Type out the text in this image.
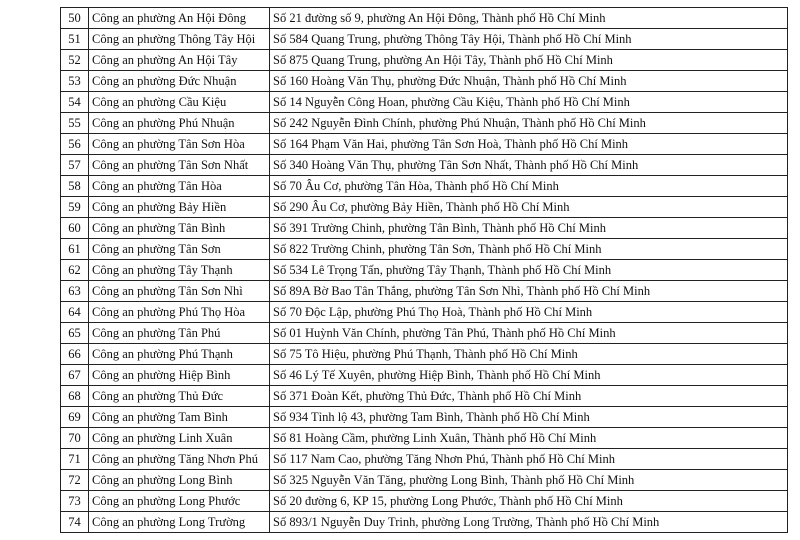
50	Công an phường An Hội Đông	Số 21 đường số 9, phường An Hội Đông, Thành phố Hồ Chí Minh
51	Công an phường Thông Tây Hội	Số 584 Quang Trung, phường Thông Tây Hội, Thành phố Hồ Chí Minh
52	Công an phường An Hội Tây	Số 875 Quang Trung, phường An Hội Tây, Thành phố Hồ Chí Minh
53	Công an phường Đức Nhuận	Số 160 Hoàng Văn Thụ, phường Đức Nhuận, Thành phố Hồ Chí Minh
54	Công an phường Cầu Kiệu	Số 14 Nguyễn Công Hoan, phường Cầu Kiệu, Thành phố Hồ Chí Minh
55	Công an phường Phú Nhuận	Số 242 Nguyễn Đình Chính, phường Phú Nhuận, Thành phố Hồ Chí Minh
56	Công an phường Tân Sơn Hòa	Số 164 Phạm Văn Hai, phường Tân Sơn Hoà, Thành phố Hồ Chí Minh
57	Công an phường Tân Sơn Nhất	Số 340 Hoàng Văn Thụ, phường Tân Sơn Nhất, Thành phố Hồ Chí Minh
58	Công an phường Tân Hòa	Số 70 Âu Cơ, phường Tân Hòa, Thành phố Hồ Chí Minh
59	Công an phường Bảy Hiền	Số 290 Âu Cơ, phường Bảy Hiền, Thành phố Hồ Chí Minh
60	Công an phường Tân Bình	Số 391 Trường Chinh, phường Tân Bình, Thành phố Hồ Chí Minh
61	Công an phường Tân Sơn	Số 822 Trường Chinh, phường Tân Sơn, Thành phố Hồ Chí Minh
62	Công an phường Tây Thạnh	Số 534 Lê Trọng Tấn, phường Tây Thạnh, Thành phố Hồ Chí Minh
63	Công an phường Tân Sơn Nhì	Số 89A Bờ Bao Tân Thắng, phường Tân Sơn Nhì, Thành phố Hồ Chí Minh
64	Công an phường Phú Thọ Hòa	Số 70 Độc Lập, phường Phú Thọ Hoà, Thành phố Hồ Chí Minh
65	Công an phường Tân Phú	Số 01 Huỳnh Văn Chính, phường Tân Phú, Thành phố Hồ Chí Minh
66	Công an phường Phú Thạnh	Số 75 Tô Hiệu, phường Phú Thạnh, Thành phố Hồ Chí Minh
67	Công an phường Hiệp Bình	Số 46 Lý Tế Xuyên, phường Hiệp Bình, Thành phố Hồ Chí Minh
68	Công an phường Thủ Đức	Số 371 Đoàn Kết, phường Thủ Đức, Thành phố Hồ Chí Minh
69	Công an phường Tam Bình	Số 934 Tỉnh lộ 43, phường Tam Bình, Thành phố Hồ Chí Minh
70	Công an phường Linh Xuân	Số 81 Hoàng Cầm, phường Linh Xuân, Thành phố Hồ Chí Minh
71	Công an phường Tăng Nhơn Phú	Số 117 Nam Cao, phường Tăng Nhơn Phú, Thành phố Hồ Chí Minh
72	Công an phường Long Bình	Số 325 Nguyễn Văn Tăng, phường Long Bình, Thành phố Hồ Chí Minh
73	Công an phường Long Phước	Số 20 đường 6, KP 15, phường Long Phước, Thành phố Hồ Chí Minh
74	Công an phường Long Trường	Số 893/1 Nguyễn Duy Trinh, phường Long Trường, Thành phố Hồ Chí Minh
